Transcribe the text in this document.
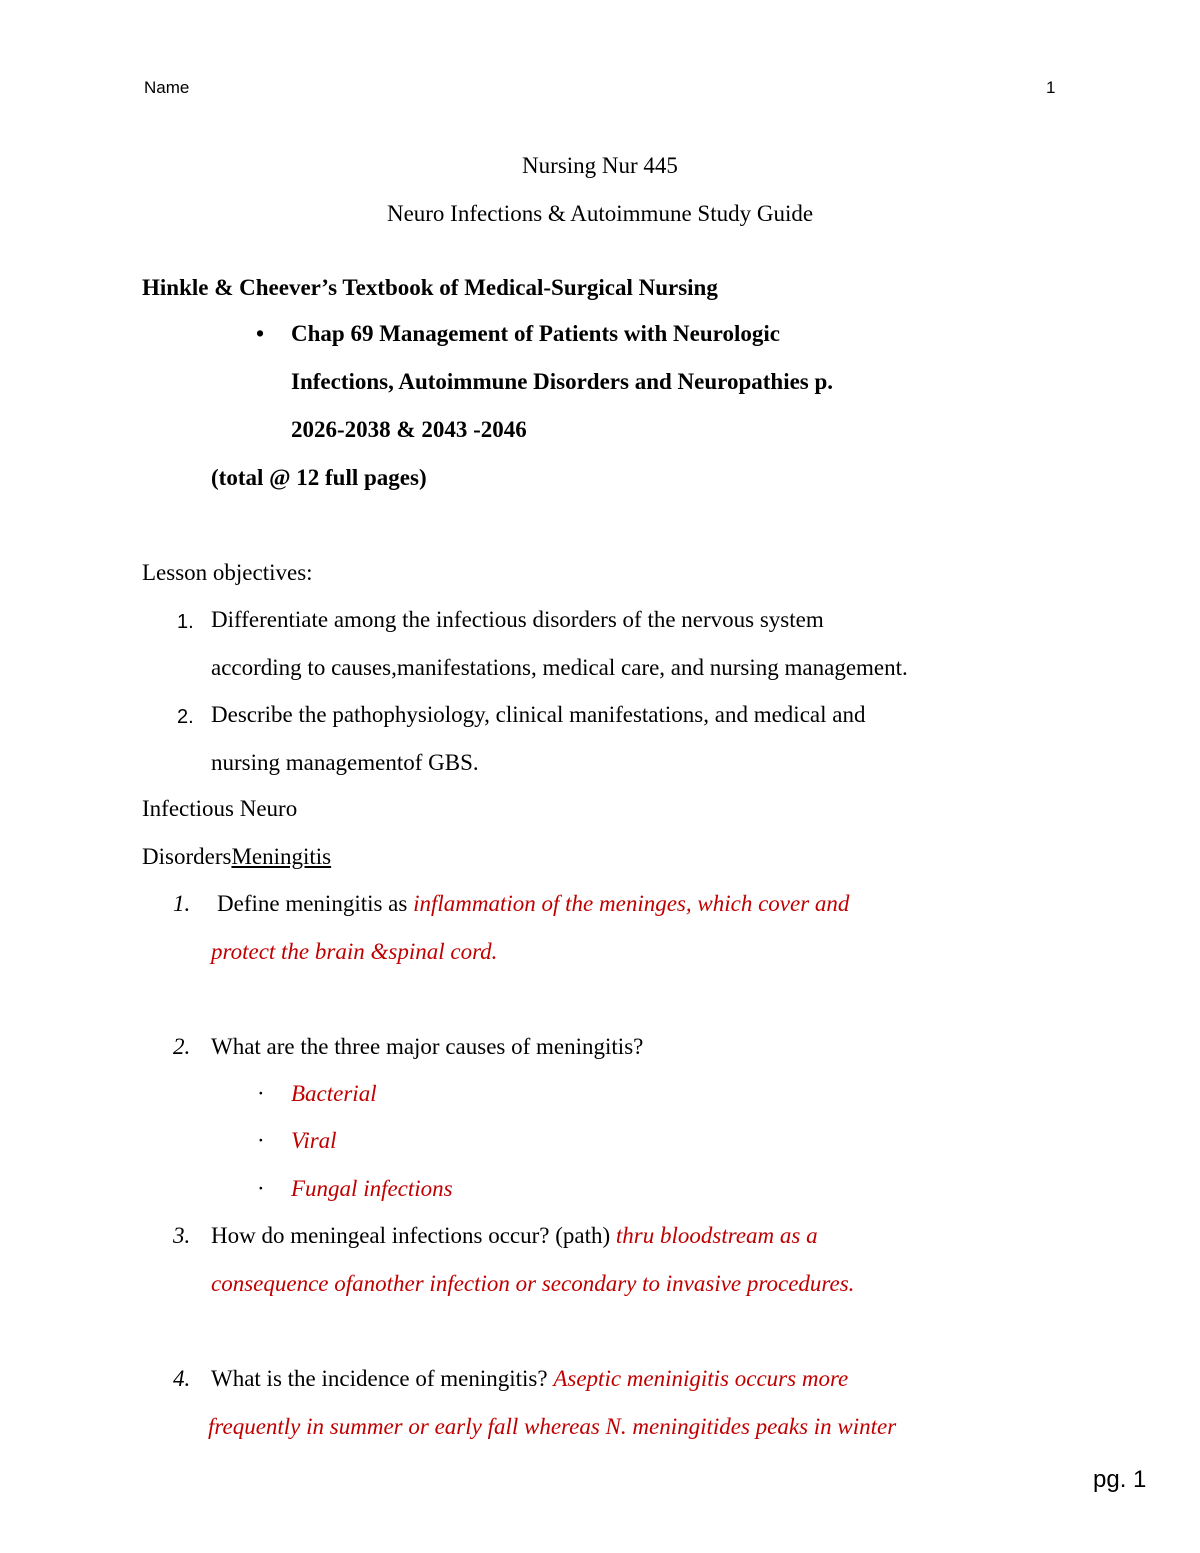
Name	1
Nursing Nur 445
Neuro Infections & Autoimmune Study Guide
Hinkle & Cheever’s Textbook of Medical-Surgical Nursing
• Chap 69 Management of Patients with Neurologic
Infections, Autoimmune Disorders and Neuropathies p.
2026-2038 & 2043 -2046
(total @ 12 full pages)
Lesson objectives:
1. Differentiate among the infectious disorders of the nervous system
according to causes,manifestations, medical care, and nursing management.
2. Describe the pathophysiology, clinical manifestations, and medical and
nursing managementof GBS.
Infectious Neuro
DisordersMeningitis
1. Define meningitis as inflammation of the meninges, which cover and
protect the brain &spinal cord.
2. What are the three major causes of meningitis?
· Bacterial
· Viral
· Fungal infections
3. How do meningeal infections occur? (path) thru bloodstream as a
consequence ofanother infection or secondary to invasive procedures.
4. What is the incidence of meningitis? Aseptic meninigitis occurs more
frequently in summer or early fall whereas N. meningitides peaks in winter
pg. 1
